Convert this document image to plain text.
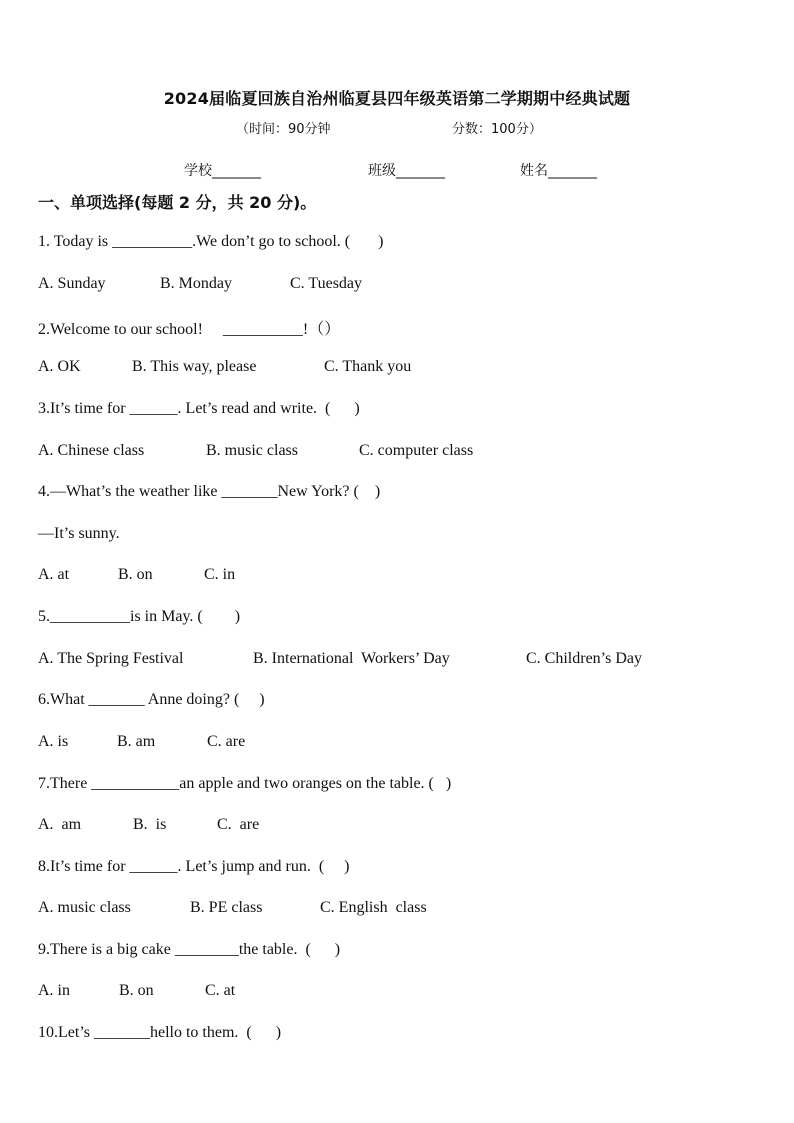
2024届临夏回族自治州临夏县四年级英语第二学期期中经典试题
（时间：90分钟	分数：100分）
学校_______	班级_______	姓名_______
一、单项选择(每题 2 分，共 20 分)。
1. Today is __________.We don’t go to school. (       )
A. Sunday	B. Monday	C. Tuesday
2.Welcome to our school!     __________!（）
A. OK	B. This way, please	C. Thank you
3.It’s time for ______. Let’s read and write.  (      )
A. Chinese class	B. music class	C. computer class
4.—What’s the weather like _______New York? (    )
—It’s sunny.
A. at	B. on	C. in
5.__________is in May. (        )
A. The Spring Festival	B. International  Workers’ Day	C. Children’s Day
6.What _______ Anne doing? (     )
A. is	B. am	C. are
7.There ___________an apple and two oranges on the table. (   )
A.  am	B.  is	C.  are
8.It’s time for ______. Let’s jump and run.  (     )
A. music class	B. PE class	C. English  class
9.There is a big cake ________the table.  (      )
A. in	B. on	C. at
10.Let’s _______hello to them.  (      )
